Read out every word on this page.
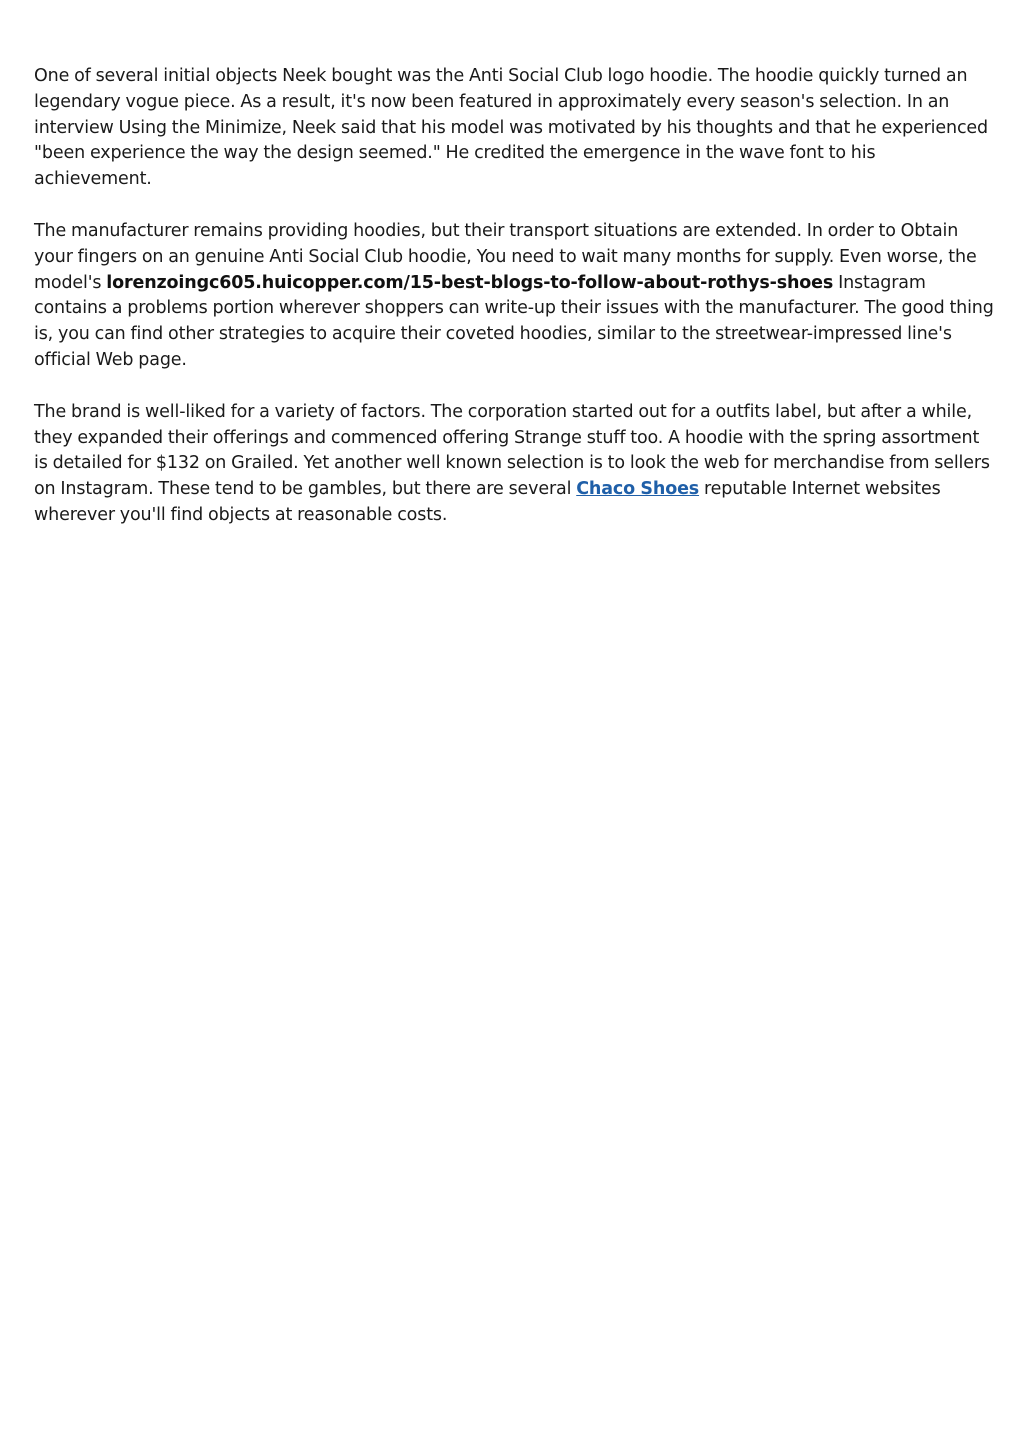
One of several initial objects Neek bought was the Anti Social Club logo hoodie. The hoodie quickly turned an legendary vogue piece. As a result, it's now been featured in approximately every season's selection. In an interview Using the Minimize, Neek said that his model was motivated by his thoughts and that he experienced "been experience the way the design seemed." He credited the emergence in the wave font to his achievement.

The manufacturer remains providing hoodies, but their transport situations are extended. In order to Obtain your fingers on an genuine Anti Social Club hoodie, You need to wait many months for supply. Even worse, the model's lorenzoingc605.huicopper.com/15-best-blogs-to-follow-about-rothys-shoes Instagram contains a problems portion wherever shoppers can write-up their issues with the manufacturer. The good thing is, you can find other strategies to acquire their coveted hoodies, similar to the streetwear-impressed line's official Web page.

The brand is well-liked for a variety of factors. The corporation started out for a outfits label, but after a while, they expanded their offerings and commenced offering Strange stuff too. A hoodie with the spring assortment is detailed for $132 on Grailed. Yet another well known selection is to look the web for merchandise from sellers on Instagram. These tend to be gambles, but there are several Chaco Shoes reputable Internet websites wherever you'll find objects at reasonable costs.
